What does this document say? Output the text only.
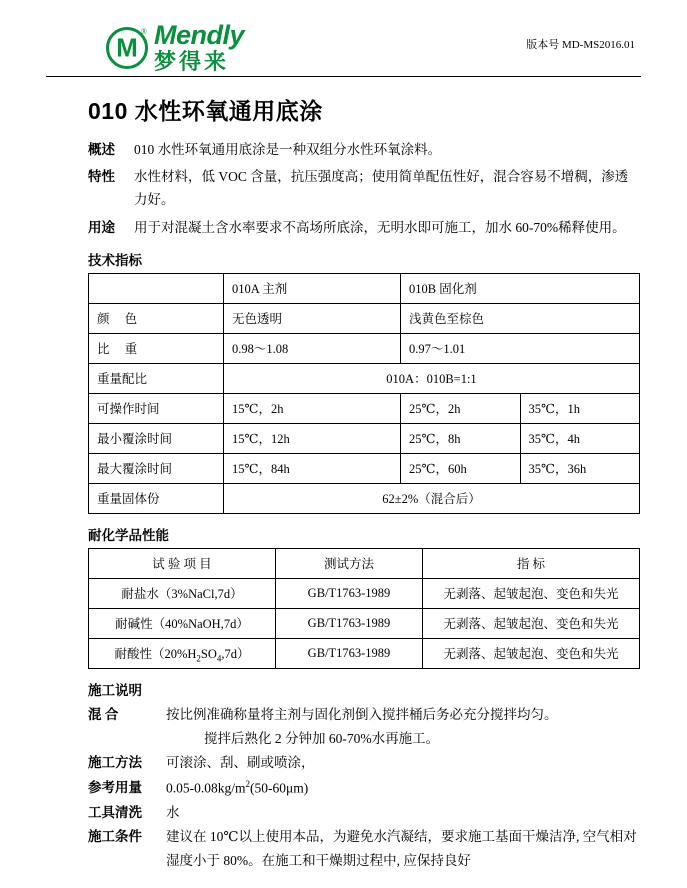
M ® Mendly
梦得来
版本号 MD-MS2016.01
010 水性环氧通用底涂
概述	010 水性环氧通用底涂是一种双组分水性环氧涂料。
特性	水性材料，低 VOC 含量，抗压强度高；使用简单配伍性好，混合容易不增稠，渗透力好。
用途	用于对混凝土含水率要求不高场所底涂，无明水即可施工，加水 60-70%稀释使用。
技术指标
	010A 主剂	010B 固化剂	
颜 色	无色透明	浅黄色至棕色	
比 重	0.98～1.08	0.97～1.01	
重量配比	010A：010B=1:1		
可操作时间	15℃，2h	25℃，2h	35℃，1h
最小覆涂时间	15℃，12h	25℃，8h	35℃，4h
最大覆涂时间	15℃，84h	25℃，60h	35℃，36h
重量固体份	62±2%（混合后）		
耐化学品性能
试 验 项 目	测试方法	指 标
耐盐水（3%NaCl,7d）	GB/T1763-1989	无剥落、起皱起泡、变色和失光
耐碱性（40%NaOH,7d）	GB/T1763-1989	无剥落、起皱起泡、变色和失光
耐酸性$(20\%H_2SO_4,7d)$	GB/T1763-1989	无剥落、起皱起泡、变色和失光
施工说明
混 合	按比例准确称量将主剂与固化剂倒入搅拌桶后务必充分搅拌均匀。
搅拌后熟化 2 分钟加 60-70%水再施工。
施工方法	可滚涂、刮、刷或喷涂，
参考用量	$0.05-0.08kg/m^2(50-60\mu m)$
工具清洗	水
施工条件	建议在 10℃以上使用本品，为避免水汽凝结，要求施工基面干燥洁净, 空气相对湿度小于 80%。在施工和干燥期过程中, 应保持良好
